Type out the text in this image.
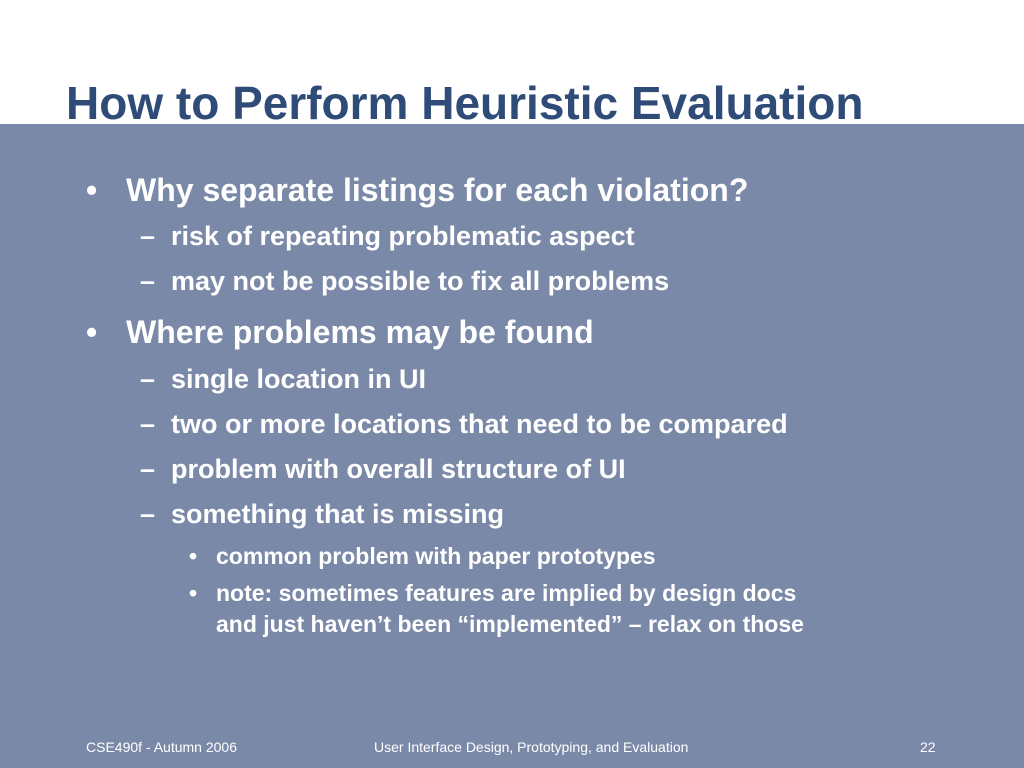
How to Perform Heuristic Evaluation
• Why separate listings for each violation?
– risk of repeating problematic aspect
– may not be possible to fix all problems
• Where problems may be found
– single location in UI
– two or more locations that need to be compared
– problem with overall structure of UI
– something that is missing
• common problem with paper prototypes
• note: sometimes features are implied by design docs
and just haven’t been “implemented” – relax on those
CSE490f - Autumn 2006	User Interface Design, Prototyping, and Evaluation	22
